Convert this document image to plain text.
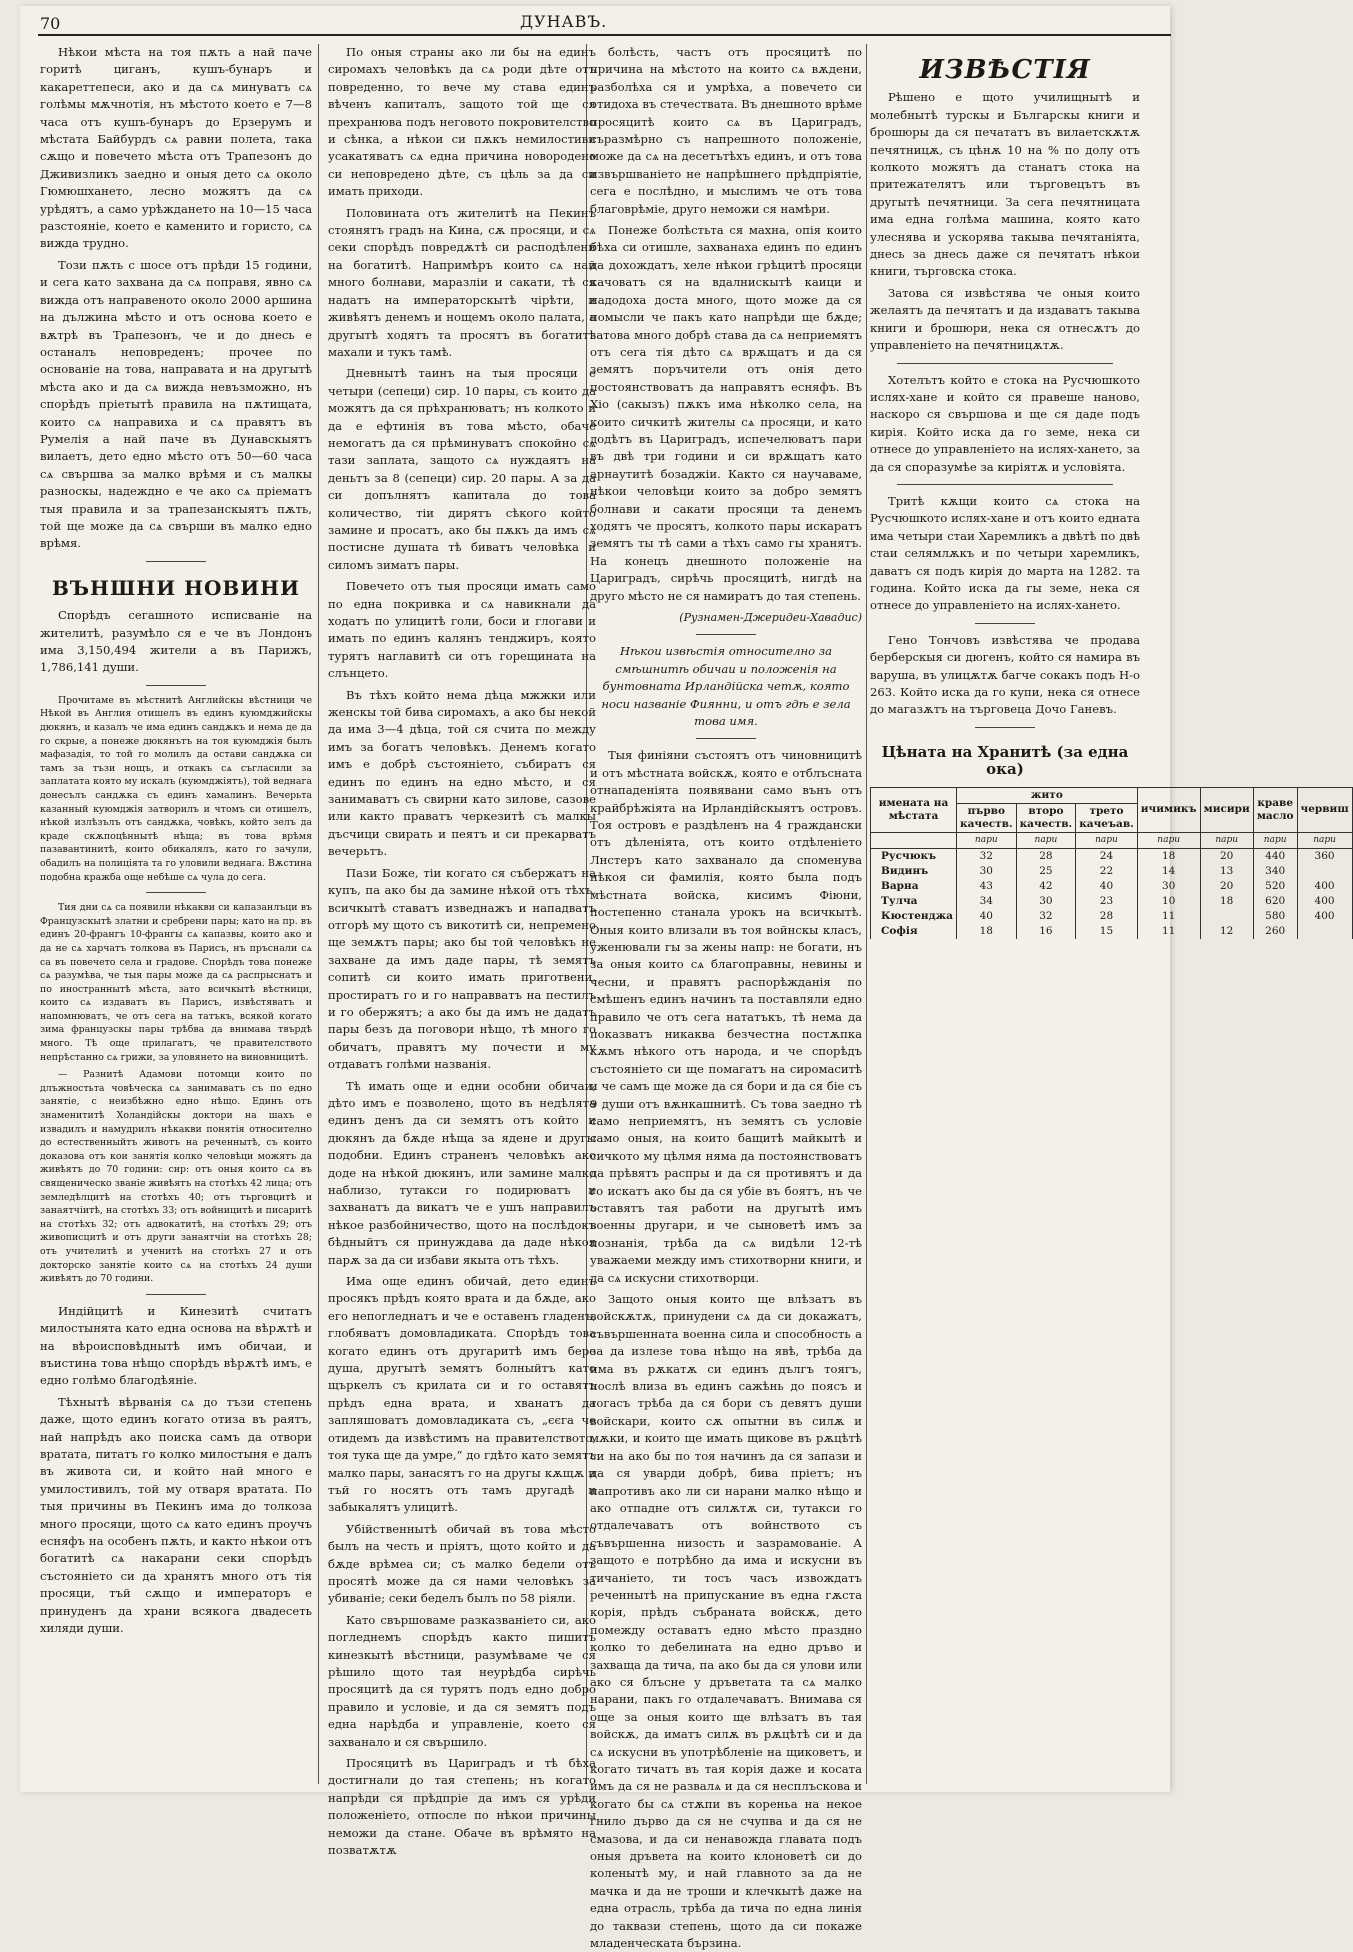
70	ДУНАВЪ.

Нѣкои мѣста на тоя пѫть а най паче горитѣ циганъ, кушъ-бунаръ и какареттепеси, ако и да сѧ минуватъ сѧ голѣмы мѫчнотiя, нъ мѣстото което е 7—8 часа отъ кушъ-бунаръ до Ерзерумъ и мѣстата Байбурдъ сѧ равни полета, така сѫщо и повечето мѣста отъ Трапезонъ до Дживизликъ заедно и оныя дето сѧ около Гюмюшхането, лесно можятъ да сѧ урѣдятъ, а само урѣждането на 10—15 часа разстоянiе, което е каменито и гористо, сѧ вижда трудно.

Този пѫть с шосе отъ прѣди 15 години, и сега като захвана да сѧ поправя, явно сѧ вижда отъ направеното около 2000 аршина на дължина мѣсто и отъ основа което е вѫтрѣ въ Трапезонъ, че и до днесь е останалъ неповреденъ; прочее по основанiе на това, направата и на другытѣ мѣста ако и да сѧ вижда невъзможно, нъ спорѣдъ прiетытѣ правила на пѫтищата, които сѧ направиха и сѧ правятъ въ Румелiя а най паче въ Дунавскыятъ вилаетъ, дето едно мѣсто отъ 50—60 часа сѧ свършва за малко врѣмя и съ малкы разноскы, надеждно е че ако сѧ прiематъ тыя правила и за трапезанскыятъ пѫть, той ще може да сѧ свърши въ малко едно врѣмя.

ВЪНШНИ НОВИНИ

Спорѣдъ сегашното исписванiе на жителитѣ, разумѣло ся е че въ Лондонъ има 3,150,494 жители а въ Парижъ, 1,786,141 души.

Прочитаме въ мѣстнитѣ Английскы вѣстници че Нѣкой въ Англия отишелъ въ единъ куюмджийскы дюкянъ, и казалъ че има единъ сандѫкъ и нема де да го скрые, а понеже дюкянътъ на тоя куюмджiя былъ мафазадiя, то той го молилъ да остави сандѫка си тамъ за тъзи нощъ, и откакъ сѧ съгласили за заплатата която му искалъ (куюмджiятъ), той веднага донесълъ сандѫка съ единъ хамалинъ. Вечерьта казанный куюмджiя затворилъ и чтомъ си отишелъ, нѣкой излѣзълъ отъ сандѫка, човѣкъ, който зелъ да краде скѫпоцѣннытѣ нѣща; въ това врѣмя пазавантинитѣ, които обикалялъ, като го зачули, обадилъ на полицiята та го уловили веднага. Вѫстина подобна кражба още небѣше сѧ чула до сега.

Тия дни сѧ са появили нѣкакви си капазанлъци въ Французскытѣ златни и сребрени пары; като на пр. въ единъ 20-франгъ 10-франгы сѧ капазвы, които ако и да не сѧ харчатъ толкова въ Парисъ, нъ пръснали сѧ са въ повечето села и градове. Спорѣдъ това понеже сѧ разумѣва, че тыя пары може да сѧ распрыснатъ и по иностраннытѣ мѣста, зато всичкытѣ вѣстници, които сѧ издаватъ въ Парисъ, извѣстяватъ и напомнюватъ, че отъ сега на татъкъ, всякой когато зима французскы пары трѣбва да внимава твърдѣ много. Тѣ още прилагатъ, че правителството непрѣстанно сѧ грижи, за уловянето на виновницитѣ.

— Разнитѣ Адамови потомци които по длъжностьта човѣческа сѧ занимаватъ съ по едно занятiе, с неизбѣжно едно нѣщо. Единъ отъ знаменититѣ Холандiйскы доктори на шахъ е извадилъ и намудрилъ нѣкакви понятiя относително до естественныйтъ животъ на реченнытѣ, съ които доказова отъ кои занятiя колко человѣци можятъ да живѣятъ до 70 години: сир: отъ оныя които сѧ въ священическо званiе живѣятъ на стотѣхъ 42 лица; отъ земледѣлцитѣ на стотѣхъ 40; отъ търговцитѣ и занаятчiитѣ, на стотѣхъ 33; отъ войницитѣ и писаритѣ на стотѣхъ 32; отъ адвокатитѣ, на стотѣхъ 29; отъ живописцитѣ и отъ други занаятчiи на стотѣхъ 28; отъ учителитѣ и ученитѣ на стотѣхъ 27 и отъ докторско занятiе които сѧ на стотѣхъ 24 души живѣятъ до 70 години.

Индiйцитѣ и Кинезитѣ считатъ милостынята като една основа на вѣрѫтѣ и на вѣроисповѣднытѣ имъ обичаи, и въистина това нѣщо спорѣдъ вѣрѫтѣ имъ, е едно голѣмо благодѣянiе.

Тѣхнытѣ вѣрванiя сѧ до тъзи степень даже, щото единъ когато отиза въ раятъ, най напрѣдъ ако поиска самъ да отвори вратата, питатъ го колко милостыня е далъ въ живота си, и който най много е умилостивилъ, той му отваря вратата. По тыя причины въ Пекинъ има до толкоза много просяци, щото сѧ като единъ проучъ есняфъ на особенъ пѫть, и както нѣкои отъ богатитѣ сѧ накарани секи спорѣдъ състоянiето си да хранятъ много отъ тiя просяци, тъй сѫщо и императоръ е принуденъ да храни всякога двадесеть хиляди души.

По оныя страны ако ли бы на единъ сиромахъ человѣкъ да сѧ роди дѣте отъ повреденно, то вече му става единъ вѣченъ капиталъ, защото той ще ся прехранюва подъ неговото покровителство и сѣнка, а нѣкои си пѫкъ немилостиви усакатяватъ сѧ една причина новородено си неповредено дѣте, съ цѣль за да си имать приходи.

Половината отъ жителитѣ на Пекинъ стоянятъ градъ на Кина, сѫ просяци, и сѧ секи спорѣдъ повредѫтѣ си расподѣлени на богатитѣ. Напримѣръ които сѧ най много болнави, маразлiи и сакати, тѣ ся надатъ на императорскытѣ чiрѣти, и живѣятъ денемъ и нощемъ около палата, а другытѣ ходятъ та просятъ въ богатитѣ махали и тукъ тамѣ.

Дневнытѣ таинъ на тыя просяци е четыри (сепеци) сир. 10 пары, съ които да можятъ да ся прѣхранюватъ; нъ колкото и да е ефтинiя въ това мѣсто, обаче немогатъ да ся прѣминуватъ спокойно сѧ тази заплата, защото сѧ нуждаятъ на деньтъ за 8 (сепеци) сир. 20 пары. А за да си допълнятъ капитала до това количество, тiи дирятъ сѣкого който замине и просатъ, ако бы пѫкъ да имъ сѧ постисне душата тѣ биватъ человѣка и силомъ зиматъ пары.

Повечето отъ тыя просяци имать само по една покривка и сѧ навикнали да ходатъ по улицитѣ голи, боси и глогави и имать по единъ калянъ тенджиръ, която турятъ наглавитѣ си отъ горещината на слънцето.

Въ тѣхъ който нема дѣца мжжки или женскы той бива сиромахъ, а ако бы некой да има 3—4 дѣца, той ся счита по между имъ за богатъ человѣкъ. Денемъ когато имъ е добрѣ състоянiето, събиратъ ся единъ по единъ на едно мѣсто, и ся занимаватъ съ свирни като зиловe, сазове или както праватъ черкезитѣ съ малкы дъсчици свирать и пеятъ и си прекарватъ вечерьтъ.

Пази Боже, тiи когато ся събержатъ на купъ, па ако бы да замине нѣкой отъ тѣхъ, всичкытѣ ставатъ изведнажъ и нападватъ отгорѣ му щото съ викотитѣ си, непремено ще земѫтъ пары; ако бы той человѣкъ не захване да имъ даде пары, тѣ земятъ сопитѣ си които имать приготвени, простиратъ го и го направватъ на пестилъ и го обержятъ; а ако бы да имъ не дадатъ пары безъ да поговори нѣщо, тѣ много го обичатъ, правятъ му почести и му отдаватъ голѣми названiя.

Тѣ имать още и едни особни обичаи, дѣто имъ е позволено, щото въ недѣлята единъ денъ да си земятъ отъ който и дюкянъ да бѫде нѣща за ядене и другы подобни. Единъ страненъ человѣкъ ако доде на нѣкой дюкянъ, или замине малко наблизо, тутакси го подирюватъ и захванатъ да викатъ че е ушъ направилъ нѣкое разбойничество, щото на послѣдокъ бѣдныйтъ ся принуждава да даде нѣкоя парѫ за да си избави якыта отъ тѣхъ.

Има още единъ обичай, дето единъ просякъ прѣдъ която врата и да бѫде, ако его непогледнатъ и че е оставенъ гладенъ, глобяватъ домовладиката. Спорѣдъ това когато единъ отъ другаритѣ имъ бере душа, другытѣ земятъ болныйтъ като щъркелъ съ крилата си и го оставятъ прѣдъ една врата, и хванатъ да запляшоватъ домовладиката съ, „єєга че отидемъ да извѣстимъ на правителството, тоя тука ще да умре,“ до гдѣто като земятъ малко пары, занасятъ го на другы кѫщѫ и тъй го носятъ отъ тамъ другадѣ и забыкалятъ улицитѣ.

Убiйственнытѣ обичай въ това мѣсто былъ на честь и прiятъ, щото който и да бѫде врѣмеа си; съ малко бедели отъ просятѣ може да ся нами человѣкъ за убиванiе; секи беделъ былъ по 58 рiяли.

Като свършоваме разказванiето си, ако погледнемъ спорѣдъ както пишитъ кинезкытѣ вѣстници, разумѣваме че ся рѣшило щото тая неурѣдба сирѣчь просяцитѣ да ся турятъ подъ едно добро правило и условiе, и да ся земятъ подъ една нарѣдба и управленiе, което ся захванало и ся свършило.

Просяцитѣ въ Цариградъ и тѣ бѣха достигнали до тая степень; нъ когато напрѣди ся прѣдпрiе да имъ ся урѣди положенiето, отпосле по нѣкои причины неможи да стане. Обаче въ врѣмято на позватѫтѫ

болѣсть, частъ отъ просяцитѣ по причина на мѣстото на които сѧ вѫдени, разболѣха ся и умрѣха, а повечето си отидоха въ стечествата. Въ днешното врѣме просяцитѣ които сѧ въ Цариградъ, съразмѣрно съ напрешното положенiе, може да сѧ на десетътѣхъ единъ, и отъ това извършванiето не напрѣшнего прѣдпрiятiе, сега е послѣдно, и мыслимъ че отъ това благоврѣмiе, друго неможи ся намѣри.

Понеже болѣстьта ся махна, опiя които бѣха си отишле, захванаха единъ по единъ да дохождатъ, хеле нѣкои грѣцитѣ просяци качоватъ ся на вдалнискытѣ каици и надодоха доста много, щото може да ся помысли че пакъ като напрѣди ще бѫде; затова много добрѣ става да сѧ неприемятъ отъ сега тiя дѣто сѧ врѫщатъ и да ся земятъ поръчители отъ онiя дето постоянствоватъ да направятъ есняфъ. Въ Хiо (сакызъ) пѫкъ има нѣколко села, на които сичкитѣ жителы сѧ просяци, и като додѣтъ въ Цариградъ, испечелюватъ пари въ двѣ три години и си врѫщатъ като арнаутитѣ бозаджiи. Както ся научаваме, нѣкои человѣци които за добро земятъ болнави и сакати просяци та денемъ ходятъ че просятъ, колкото пары искаратъ земятъ ты тѣ сами а тѣхъ само гы хранятъ. На конецъ днешното положенiе на Цариградъ, сирѣчь просяцитѣ, нигдѣ на друго мѣсто не ся намиратъ до тая степень.

(Рузнамен-Джеридеи-Хавадис)

Нѣкои извѣстiя относително за смѣшнитѣ обичаи и положенiя на бунтовната Ирландiйска четѫ, която носи названiе Фиянни, и отъ гдѣ е зела това имя.

Тыя финiяни състоятъ отъ чиновницитѣ и отъ мѣстната войскѫ, която е отблъснатa отнападенiята появявани само вънъ отъ крайбрѣжiята на Ирландiйскыятъ островъ. Тоя островъ е раздѣленъ на 4 граждански отъ дѣленiята, отъ които отдѣленiето Лнстеръ като захванало да споменува нѣкоя си фамилiя, която была подъ мѣстната войска, кисимъ Фiюни, постепенно станала урокъ на всичкытѣ. Оныя които влизали въ тоя войнскы класъ, уженювали гы за жены напр: не богати, нъ за оныя които сѧ благоправны, невины и чесни, и правятъ распорѣжданiя по смѣшенъ единъ начинъ та поставляли едно правило че отъ сега нататъкъ, тѣ нема да показватъ никаква безчестна постѫпка кѫмъ нѣкого отъ народа, и че спорѣдъ състоянiето си ще помагатъ на сиромаситѣ и че самъ ще може да ся бори и да ся бiе съ 9 души отъ вѫнкашнитѣ. Съ това заедно тѣ само неприемятъ, нъ земятъ съ условiе само оныя, на които бащитѣ майкытѣ и сичкото му цѣлмя няма да постоянствоватъ да прѣвятъ распры и да ся противятъ и да го искатъ ако бы да ся убiе въ боятъ, нъ че оставятъ тая работи на другытѣ имъ военны другари, и че сыноветѣ имъ за познанiя, трѣба да сѧ видѣли 12-тѣ уважаеми между имъ стихотворни книги, и да сѧ искусни стихотворци.

Защото оныя които ще влѣзатъ въ войскѫтѫ, принудени сѧ да си докажатъ, съвършенната военна сила и способность а за да излезе това нѣщо на явѣ, трѣба да има въ рѫкатѫ си единъ дългъ тоягъ, послѣ влиза въ единъ сажѣнь до поясъ и тогасъ трѣба да ся бори съ девятъ души войскари, които сѫ опытни въ силѫ и мѫки, и които ще имать щиковe въ рѫцѣтѣ си на ако бы по тоя начинъ да ся запази и да ся уварди добрѣ, бива прiетъ; нъ напротивъ ако ли си нарани малко нѣщо и ако отпадне отъ силѫтѫ си, тутакси го отдалечаватъ отъ войнството съ съвършенна низость и зазрамованiе. А защото е потрѣбно да има и искусни въ тичанiето, ти тосъ часъ извождатъ реченнытѣ на припускание въ една гѫста корiя, прѣдъ събраната войскѫ, дето помежду оставатъ едно мѣсто праздно колко то дебелината на едно дръво и захваща да тича, па ако бы да ся улови или ако ся блъсне у дръветата та сѧ малко нарани, пакъ го отдалечаватъ. Внимава ся още за оныя които ще влѣзатъ въ тая войскѫ, да иматъ силѫ въ рѫцѣтѣ си и да сѧ искусни въ употрѣбленiе на щиковетъ, и когато тичатъ въ тая корiя даже и косата имъ да ся не развалѧ и да ся несплъскова и когато бы сѧ стѫпи въ кореньa на некое гнило дърво да ся не счупва и да ся не смазова, и да си ненавожда главата подъ оныя дръвета на които клоноветѣ си до коленытѣ му, и най главното за да не мачка и да не троши и клечкытѣ даже на една отрасль, трѣба да тича по една линiя до таквази степень, щото да си покаже младенческата бързина.

ИЗВѢСТIЯ

Рѣшено е щото училищнытѣ и молебнытѣ турскы и Българскы книги и брошюры да ся печататъ въ вилаетскѫтѫ печятницѫ, съ цѣнѫ 10 на % по долу отъ колкото можятъ да станатъ стока на притежателятъ или търговецътъ въ другытѣ печятници. За сега печятницата има една голѣма машина, която като улеснява и ускорява такыва печятанiята, днесь за днесь даже ся печятатъ нѣкои книги, търговска стока.

Затова ся извѣстява че оныя които желаятъ да печятатъ и да издаватъ такыва книги и брошюри, нека ся отнесѫтъ до управленiето на печятницѫтѫ.

Хотелътъ който е стока на Русчюшкото ислях-хане и който ся правеше нaново, наскоро ся свършова и ще ся даде подъ кирiя. Който иска да го земе, нека си отнесе до управленiето на ислях-ханeто, за да ся споразумѣе за кирiятѫ и условiята.

Тритѣ кѫщи които сѧ стока на Русчюшкото ислях-хане и отъ които едната има четыри стаи Харемликъ а двѣтѣ по двѣ стаи селямлѫкъ и по четыри харемликъ, даватъ ся подъ кирiя до марта на 1282. та година. Който иска да гы земе, нека ся отнесе до управленiето на ислях-ханeто.

Гено Тончовъ извѣстява че продава берберскыя си дюгенъ, който ся намира въ варуша, въ улицѫтѫ багче сокакъ подъ Н-о 263. Който иска да го купи, нека ся отнесе до магазѫтъ на търговеца Дочо Ганевъ.

Цѣната на Хранитѣ (за една ока)
имената на мѣстата	жито			ичимикъ	мисири	краве масло	червиш
	първо качеств.	второ качеств.	трето качеъав.				
	пари	пари	пари	пари	пари	пари	пари
Русчюкъ	32	28	24	18	20	440	360
Видинъ	30	25	22	14	13	340	
Варна	43	42	40	30	20	520	400
Тулча	34	30	23	10	18	620	400
Кюстенджа	40	32	28	11		580	400
Софiя	18	16	15	11	12	260	
